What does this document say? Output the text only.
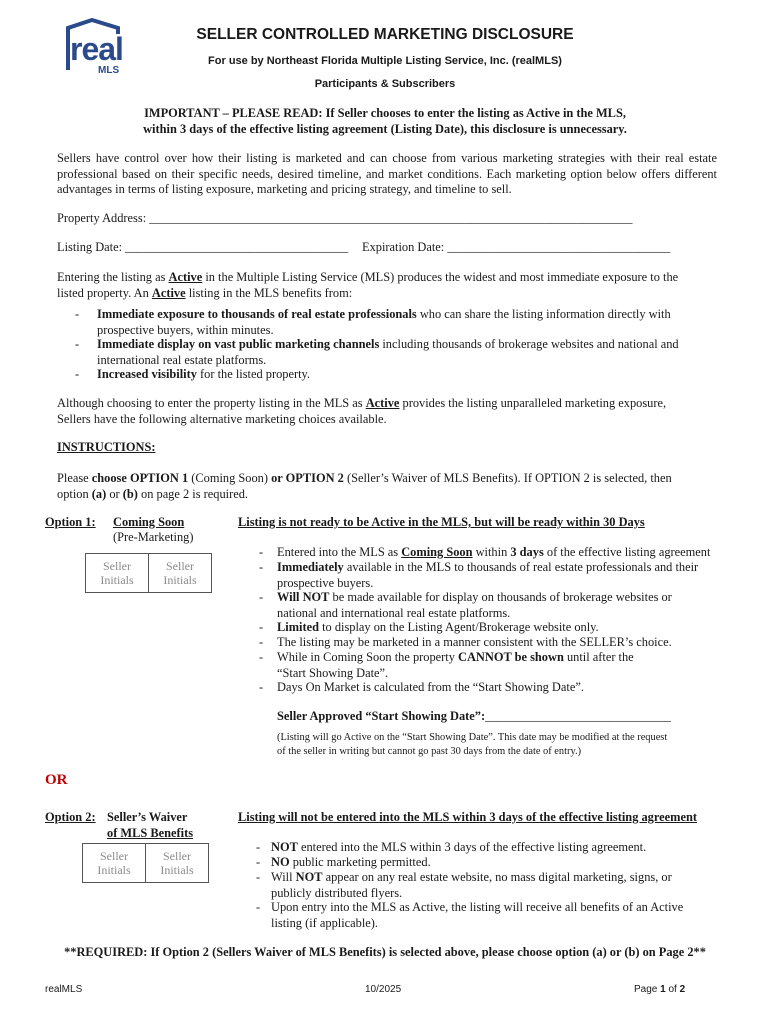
real
MLS
SELLER CONTROLLED MARKETING DISCLOSURE
For use by Northeast Florida Multiple Listing Service, Inc. (realMLS)
Participants & Subscribers
IMPORTANT – PLEASE READ: If Seller chooses to enter the listing as Active in the MLS,
within 3 days of the effective listing agreement (Listing Date), this disclosure is unnecessary.
Sellers have control over how their listing is marketed and can choose from various marketing strategies with their real estate professional based on their specific needs, desired timeline, and market conditions. Each marketing option below offers different advantages in terms of listing exposure, marketing and pricing strategy, and timeline to sell.
Property Address: ______________________________________________________________________________
Listing Date: ____________________________________ Expiration Date: ____________________________________
Entering the listing as Active in the Multiple Listing Service (MLS) produces the widest and most immediate exposure to the
listed property. An Active listing in the MLS benefits from:
- Immediate exposure to thousands of real estate professionals who can share the listing information directly with
prospective buyers, within minutes.
- Immediate display on vast public marketing channels including thousands of brokerage websites and national and
international real estate platforms.
- Increased visibility for the listed property.
Although choosing to enter the property listing in the MLS as Active provides the listing unparalleled marketing exposure,
Sellers have the following alternative marketing choices available.
INSTRUCTIONS:
Please choose OPTION 1 (Coming Soon) or OPTION 2 (Seller’s Waiver of MLS Benefits). If OPTION 2 is selected, then
option (a) or (b) on page 2 is required.
Option 1: Coming Soon
(Pre-Marketing)
Seller
Initials
Seller
Initials
Listing is not ready to be Active in the MLS, but will be ready within 30 Days
- Entered into the MLS as Coming Soon within 3 days of the effective listing agreement
- Immediately available in the MLS to thousands of real estate professionals and their
prospective buyers.
- Will NOT be made available for display on thousands of brokerage websites or
national and international real estate platforms.
- Limited to display on the Listing Agent/Brokerage website only.
- The listing may be marketed in a manner consistent with the SELLER’s choice.
- While in Coming Soon the property CANNOT be shown until after the
“Start Showing Date”.
- Days On Market is calculated from the “Start Showing Date”.
Seller Approved “Start Showing Date”:______________________________
(Listing will go Active on the “Start Showing Date”. This date may be modified at the request
of the seller in writing but cannot go past 30 days from the date of entry.)
OR
Option 2: Seller’s Waiver
of MLS Benefits
Seller
Initials
Seller
Initials
Listing will not be entered into the MLS within 3 days of the effective listing agreement
- NOT entered into the MLS within 3 days of the effective listing agreement.
- NO public marketing permitted.
- Will NOT appear on any real estate website, no mass digital marketing, signs, or
publicly distributed flyers.
- Upon entry into the MLS as Active, the listing will receive all benefits of an Active
listing (if applicable).
**REQUIRED: If Option 2 (Sellers Waiver of MLS Benefits) is selected above, please choose option (a) or (b) on Page 2**
realMLS	10/2025	Page 1 of 2
